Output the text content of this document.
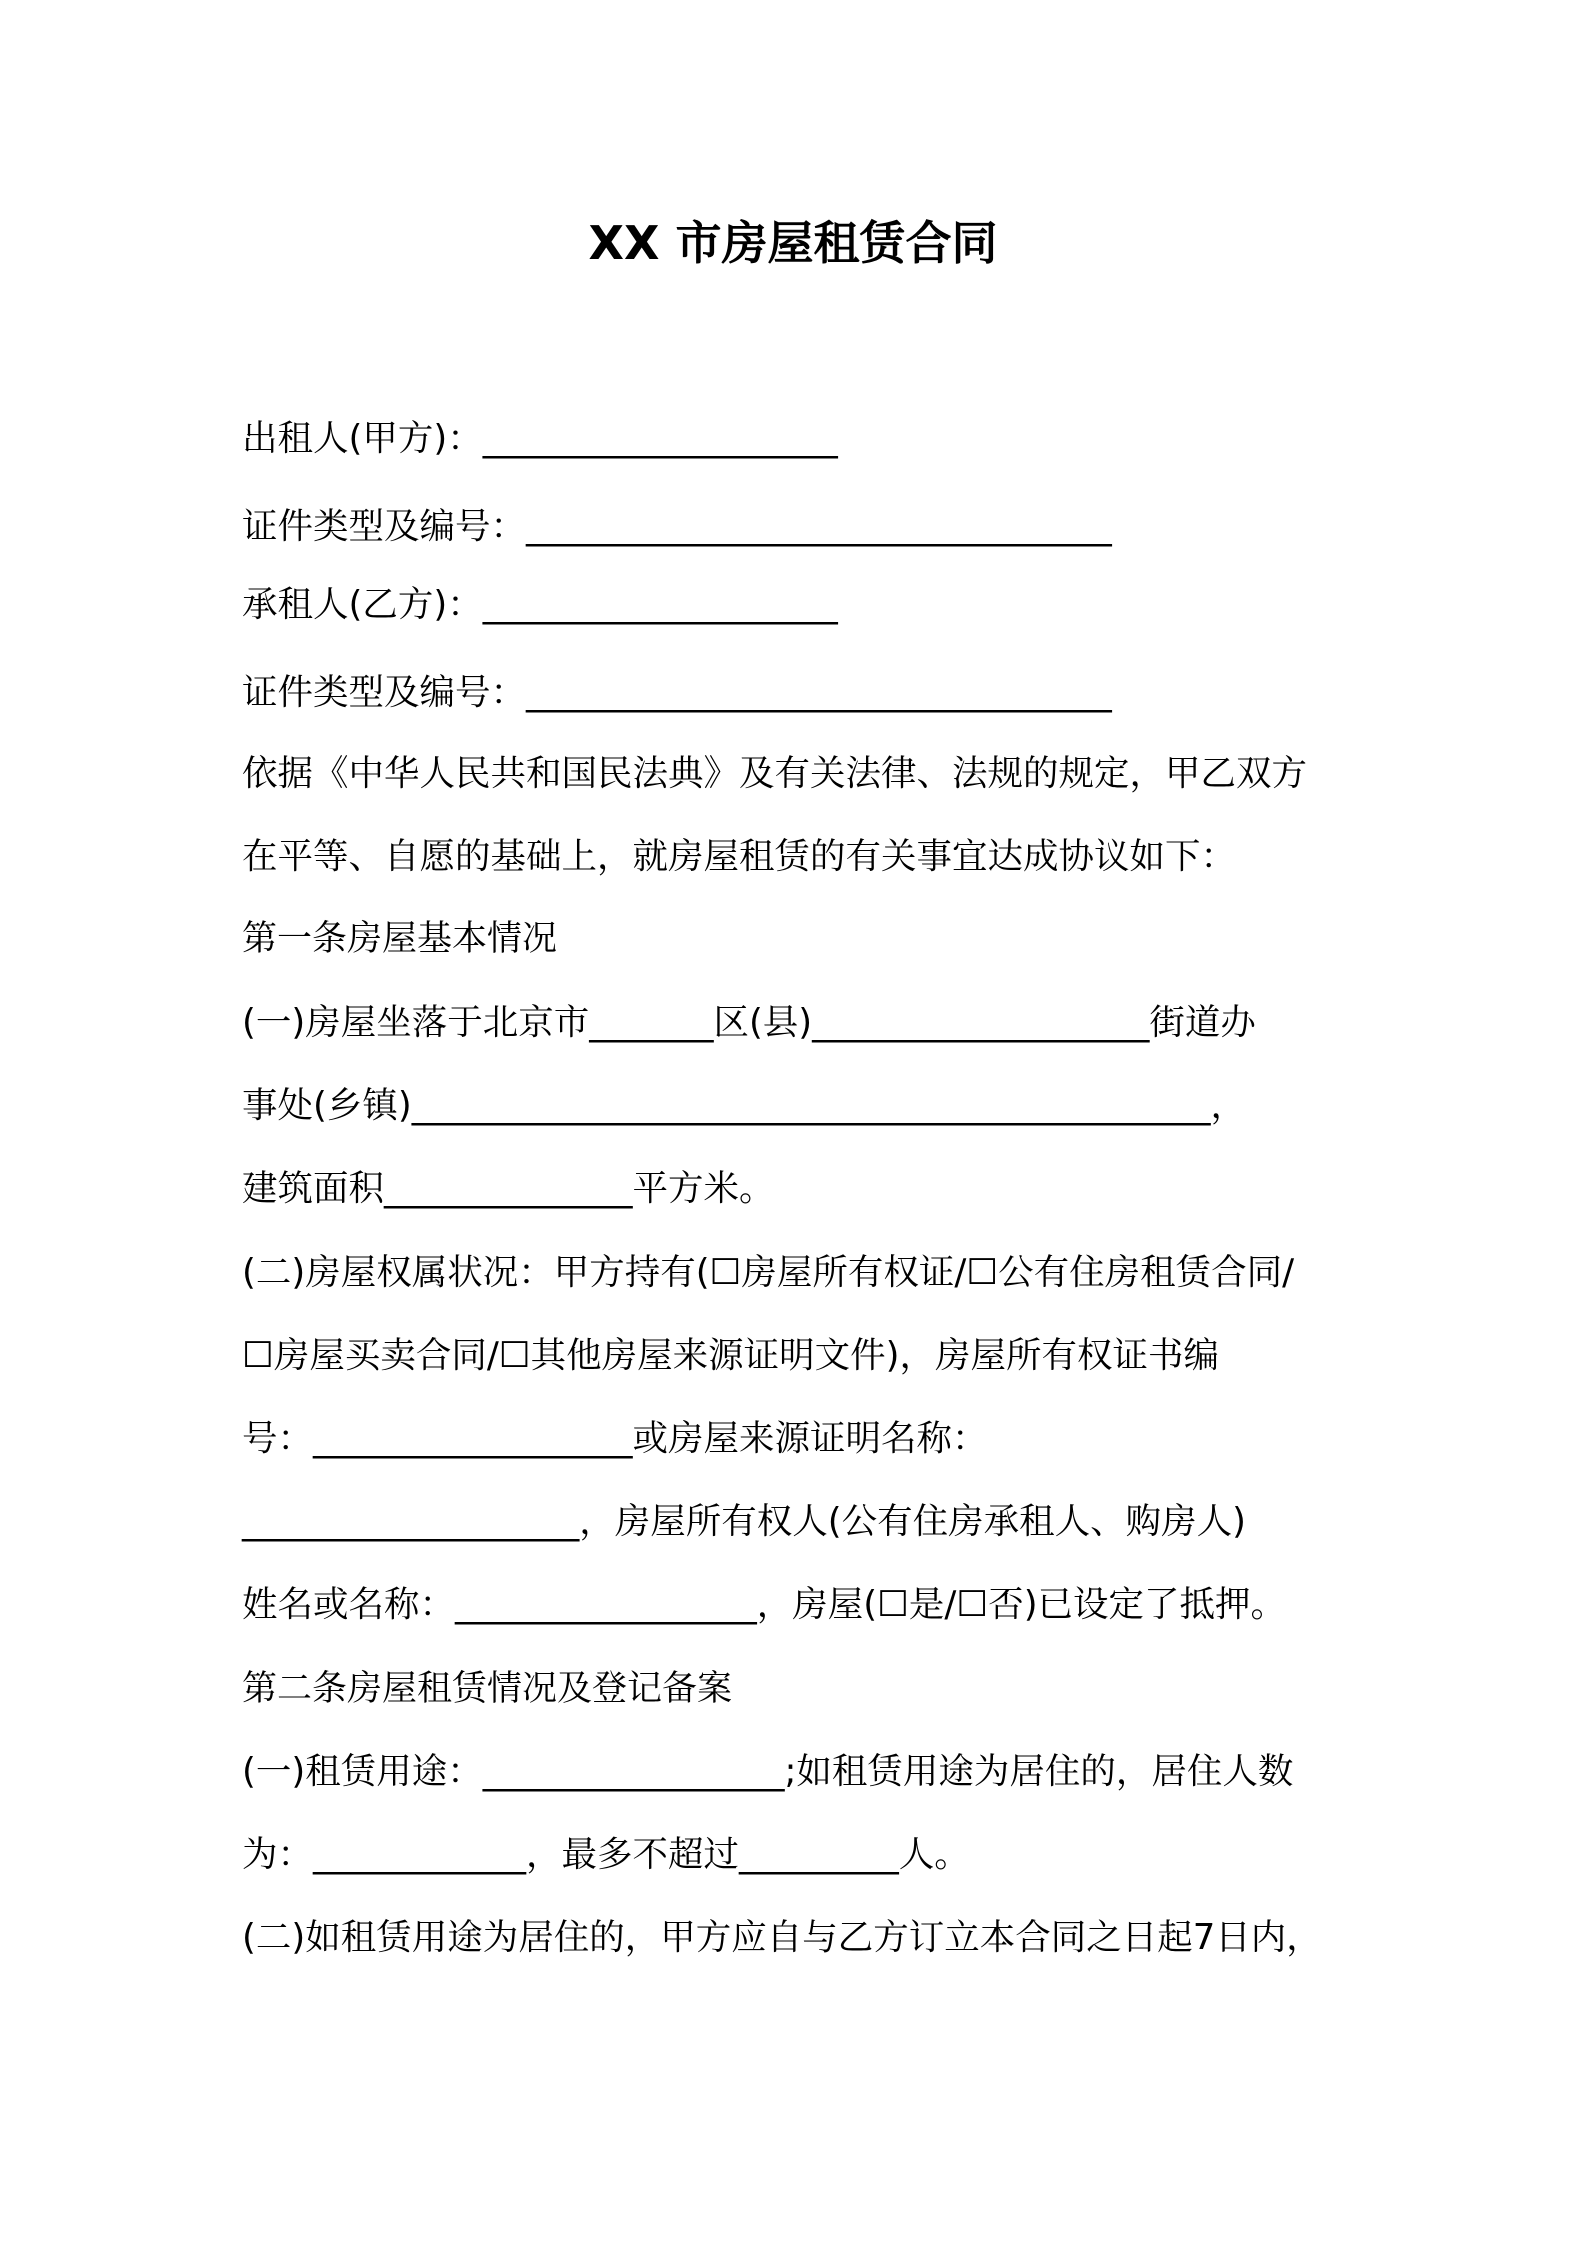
XX 市房屋租赁合同
出租人(甲方)：____________________
证件类型及编号：_________________________________
承租人(乙方)：____________________
证件类型及编号：_________________________________
依据《中华人民共和国民法典》及有关法律、法规的规定，甲乙双方
在平等、自愿的基础上，就房屋租赁的有关事宜达成协议如下：
第一条房屋基本情况
(一)房屋坐落于北京市_______区(县)___________________街道办
事处(乡镇)_____________________________________________，
建筑面积______________平方米。
(二)房屋权属状况：甲方持有(☐房屋所有权证/☐公有住房租赁合同/
☐房屋买卖合同/☐其他房屋来源证明文件)，房屋所有权证书编
号：__________________或房屋来源证明名称：
___________________，房屋所有权人(公有住房承租人、购房人)
姓名或名称：_________________，房屋(☐是/☐否)已设定了抵押。
第二条房屋租赁情况及登记备案
(一)租赁用途：_________________;如租赁用途为居住的，居住人数
为：____________，最多不超过_________人。
(二)如租赁用途为居住的，甲方应自与乙方订立本合同之日起7日内，
